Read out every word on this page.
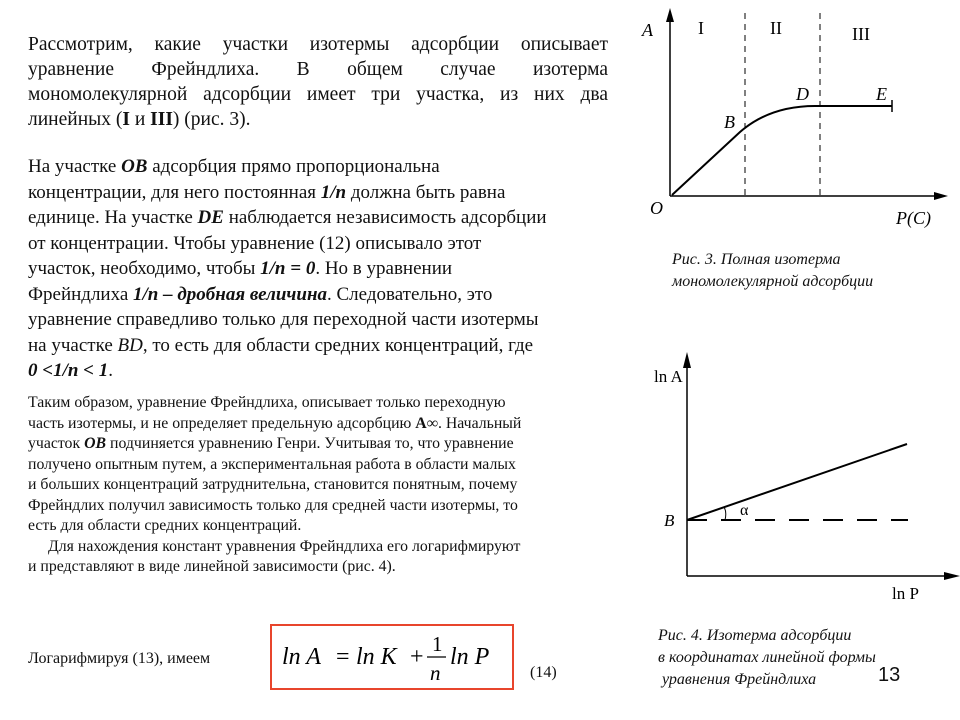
Рассмотрим, какие участки изотермы адсорбции описывает
уравнение Фрейндлиха. В общем случае изотерма
мономолекулярной адсорбции имеет три участка, из них два
линейных (I и III) (рис. 3).
На участке OB адсорбция прямо пропорциональна
концентрации, для него постоянная 1/n должна быть равна
единице. На участке DE наблюдается независимость адсорбции
от концентрации. Чтобы уравнение (12) описывало этот
участок, необходимо, чтобы 1/n = 0. Но в уравнении
Фрейндлиха 1/n – дробная величина. Следовательно, это
уравнение справедливо только для переходной части изотермы
на участке BD, то есть для области средних концентраций, где
0 <1/n < 1.
Таким образом, уравнение Фрейндлиха, описывает только переходную
часть изотермы, и не определяет предельную адсорбцию А∞. Начальный
участок OB подчиняется уравнению Генри. Учитывая то, что уравнение
получено опытным путем, а экспериментальная работа в области малых
и больших концентраций затруднительна, становится понятным, почему
Фрейндлих получил зависимость только для средней части изотермы, то
есть для области средних концентраций.
Для нахождения констант уравнения Фрейндлиха его логарифмируют
и представляют в виде линейной зависимости (рис. 4).
A
O	P(C)
I	II	III
B
D	E
Рис. 3. Полная изотерма
мономолекулярной адсорбции
ln A
ln P
B
α
Рис. 4. Изотерма адсорбции
в координатах линейной формы
уравнения Фрейндлиха
Логарифмируя (13), имеем	ln A = ln K + 1
n
ln P
(14)	13
